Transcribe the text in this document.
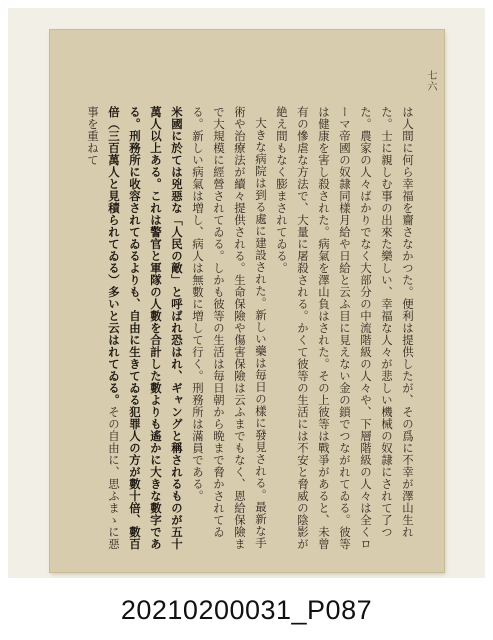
七六
は人間に何ら幸福を齎さなかつた。便利は提供したが、その爲に不幸が澤山生れた。士に親しむ事の出來た樂しい、幸福な人々が悲しい機械の奴隷にされて了つた。農家の人々ばかりでなく大部分の中流階級の人々や、下層階級の人々は全くローマ帝國の奴隷同樣月給や日給と云ふ目に見えない金の鎖でつながれてゐる。彼等は健康を害し殺された。病氣を澤山負はされた。その上彼等は戰爭があると、未曾有の慘虐な方法で、大量に屠殺される。かくて彼等の生活には不安と脅威の陰影が絶え間もなく膨まされてゐる。

大きな病院は到る處に建設された。新しい藥は毎日の樣に發見される。最新な手術や治療法が續々提供される。生命保險や傷害保險は云ふまでもなく、恩給保險まで大規模に經營されてゐる。しかも彼等の生活は毎日朝から晩まで脅かされてゐる。新しい病氣は増し、病人は無數に増して行く。刑務所は滿員である。

米國に於ては兇惡な「人民の敵」と呼ばれ恐はれ、ギャングと稱されるものが五十萬人以上ある。これは警官と軍隊の人數を合計した數よりも遙かに大きな數字である。刑務所に收容されてゐるよりも、自由に生きてゐる犯罪人の方が數十倍、數百倍（三百萬人と見積られてゐる）多いと云はれてゐる。その自由に、思ふまゝに惡事を重ねて
20210200031_P087
